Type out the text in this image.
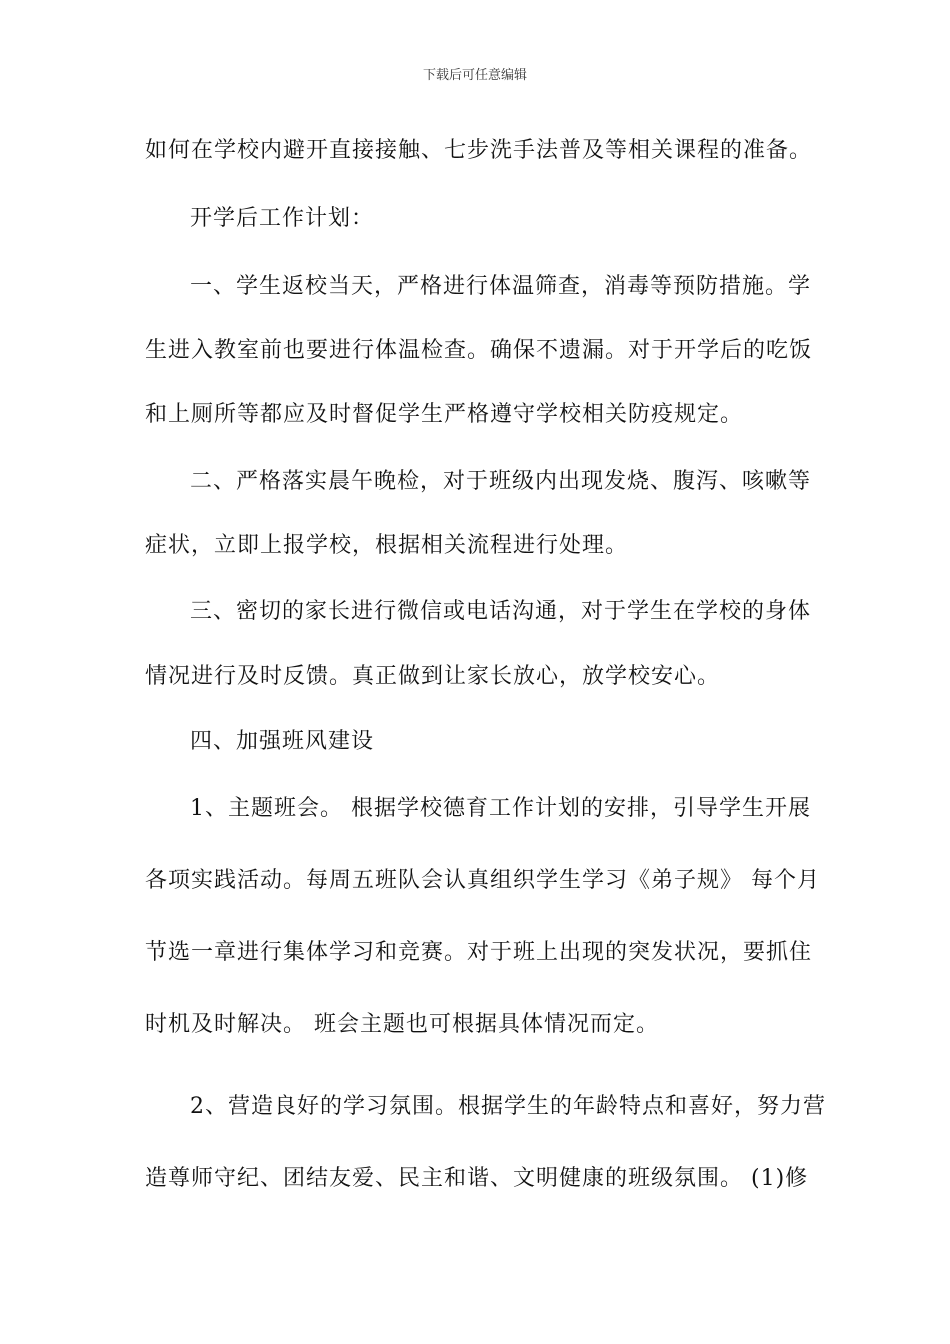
下载后可任意编辑
如何在学校内避开直接接触、七步洗手法普及等相关课程的准备。
开学后工作计划：
一、学生返校当天，严格进行体温筛查，消毒等预防措施。学
生进入教室前也要进行体温检查。确保不遗漏。对于开学后的吃饭
和上厕所等都应及时督促学生严格遵守学校相关防疫规定。
二、严格落实晨午晚检，对于班级内出现发烧、腹泻、咳嗽等
症状，立即上报学校，根据相关流程进行处理。
三、密切的家长进行微信或电话沟通，对于学生在学校的身体
情况进行及时反馈。真正做到让家长放心，放学校安心。
四、加强班风建设
1、主题班会。 根据学校德育工作计划的安排，引导学生开展
各项实践活动。每周五班队会认真组织学生学习《弟子规》 每个月
节选一章进行集体学习和竞赛。对于班上出现的突发状况，要抓住
时机及时解决。 班会主题也可根据具体情况而定。
2、营造良好的学习氛围。根据学生的年龄特点和喜好，努力营
造尊师守纪、团结友爱、民主和谐、文明健康的班级氛围。 (1)修
